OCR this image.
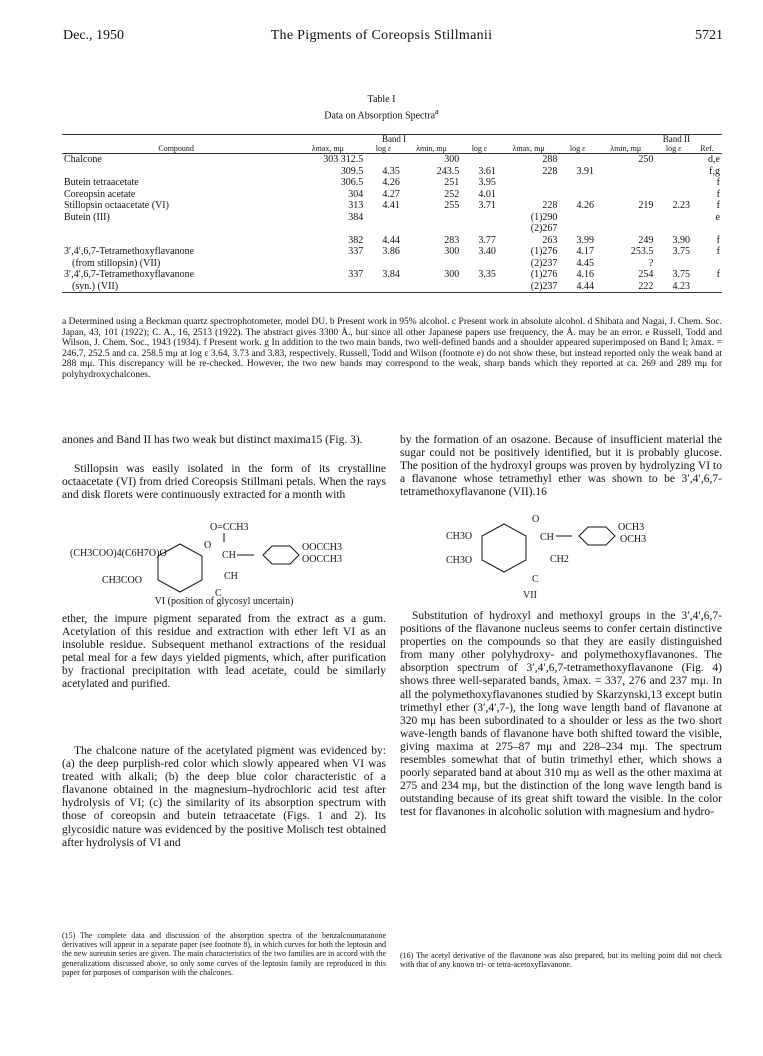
Dec., 1950	The Pigments of Coreopsis Stillmanii	5721
Table I
Data on Absorption Spectra$^a$
	Band I				Band II				
Compound	λmax, mμ	log ε	λmin, mμ	log ε	λmax, mμ	log ε	λmin, mμ	log ε	Ref.
Chalcone	303 312.5		300		288		250		d,e
	309.5	4.35	243.5	3.61	228	3.91			f,g
Butein tetraacetate	306.5	4.26	251	3.95					f
Coreopsin acetate	304	4.27	252	4.01					f
Stillopsin octaacetate (VI)	313	4.41	255	3.71	228	4.26	219	2.23	f
Butein (III)	384				(1)290				e
					(2)267				
	382	4.44	283	3.77	263	3.99	249	3.90	f
3′,4′,6,7-Tetramethoxyflavanone	337	3.86	300	3.40	(1)276	4.17	253.5	3.75	f
(from stillopsin) (VII)					(2)237	4.45	?		
3′,4′,6,7-Tetramethoxyflavanone	337	3.84	300	3.35	(1)276	4.16	254	3.75	f
(syn.) (VII)					(2)237	4.44	222	4.23	
a Determined using a Beckman quartz spectrophotometer, model DU. b Present work in 95% alcohol. c Present work in absolute alcohol. d Shibata and Nagai, J. Chem. Soc. Japan, 43, 101 (1922); C. A., 16, 2513 (1922). The abstract gives 3300 Å., but since all other Japanese papers use frequency, the Å. may be an error. e Russell, Todd and Wilson, J. Chem. Soc., 1943 (1934). f Present work. g In addition to the two main bands, two well-defined bands and a shoulder appeared superimposed on Band I; λmax. = 246.7, 252.5 and ca. 258.5 mμ at log ε 3.64, 3.73 and 3.83, respectively. Russell, Todd and Wilson (footnote e) do not show these, but instead reported only the weak band at 288 mμ. This discrepancy will be re-checked. However, the two new bands may correspond to the weak, sharp bands which they reported at ca. 269 and 289 mμ for polyhydroxychalcones.
anones and Band II has two weak but distinct maxima15 (Fig. 3).
Stillopsin was easily isolated in the form of its crystalline octaacetate (VI) from dried Coreopsis Stillmani petals. When the rays and disk florets were continuously extracted for a month with
O=CCH3
(CH3COO)4(C6H7O)O
CH3COO
O
CH
CH
OOCCH3
OOCCH3
C
VI (position of glycosyl uncertain)
ether, the impure pigment separated from the extract as a gum. Acetylation of this residue and extraction with ether left VI as an insoluble residue. Subsequent methanol extractions of the residual petal meal for a few days yielded pigments, which, after purification by fractional precipitation with lead acetate, could be similarly acetylated and purified.
The chalcone nature of the acetylated pigment was evidenced by: (a) the deep purplish-red color which slowly appeared when VI was treated with alkali; (b) the deep blue color characteristic of a flavanone obtained in the magnesium–hydrochloric acid test after hydrolysis of VI; (c) the similarity of its absorption spectrum with those of coreopsin and butein tetraacetate (Figs. 1 and 2). Its glycosidic nature was evidenced by the positive Molisch test obtained after hydrolysis of VI and
(15) The complete data and discussion of the absorption spectra of the benzalcoumaranone derivatives will appear in a separate paper (see footnote 8), in which curves for both the leptosin and the new aureusin series are given. The main characteristics of the two families are in accord with the generalizations discussed above, so only some curves of the leptosin family are reproduced in this paper for purposes of comparison with the chalcones.
by the formation of an osazone. Because of insufficient material the sugar could not be positively identified, but it is probably glucose. The position of the hydroxyl groups was proven by hydrolyzing VI to a flavanone whose tetramethyl ether was shown to be 3′,4′,6,7-tetramethoxyflavanone (VII).16
O
CH3O
CH3O
CH
CH2
OCH3
OCH3
C
VII
Substitution of hydroxyl and methoxyl groups in the 3′,4′,6,7-positions of the flavanone nucleus seems to confer certain distinctive properties on the compounds so that they are easily distinguished from many other polyhydroxy- and polymethoxyflavanones. The absorption spectrum of 3′,4′,6,7-tetramethoxyflavanone (Fig. 4) shows three well-separated bands, λmax. = 337, 276 and 237 mμ. In all the polymethoxyflavanones studied by Skarzynski,13 except butin trimethyl ether (3′,4′,7-), the long wave length band of flavanone at 320 mμ has been subordinated to a shoulder or less as the two short wave-length bands of flavanone have both shifted toward the visible, giving maxima at 275–87 mμ and 228–234 mμ. The spectrum resembles somewhat that of butin trimethyl ether, which shows a poorly separated band at about 310 mμ as well as the other maxima at 275 and 234 mμ, but the distinction of the long wave length band is outstanding because of its great shift toward the visible. In the color test for flavanones in alcoholic solution with magnesium and hydro-
(16) The acetyl derivative of the flavanone was also prepared, but its melting point did not check with that of any known tri- or tetra-acetoxyflavanone.
